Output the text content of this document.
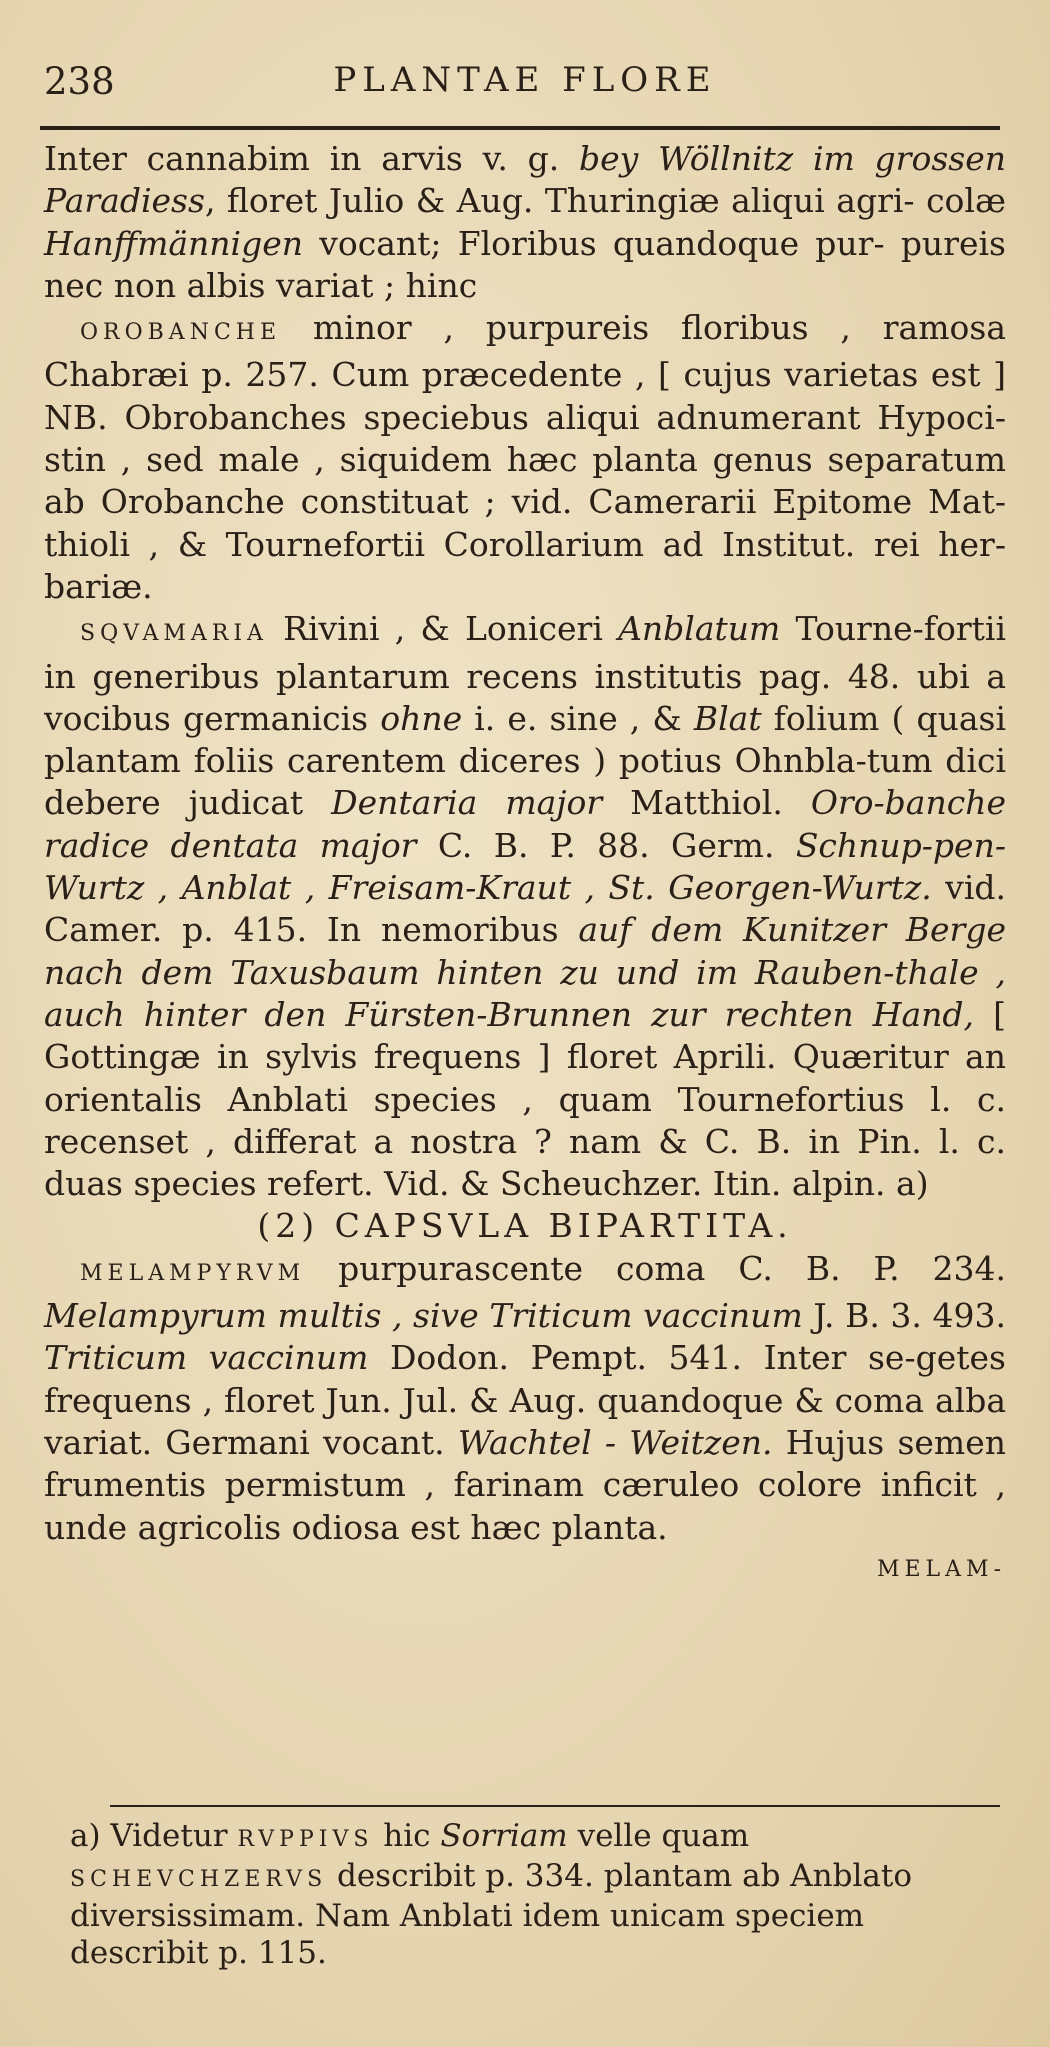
238	PLANTAE FLORE

Inter cannabim in arvis v. g. bey Wöllnitz im grossen Paradiess, floret Julio & Aug. Thuringiæ aliqui agri- colæ Hanffmännigen vocant; Floribus quandoque pur- pureis nec non albis variat ; hinc

OROBANCHE minor , purpureis floribus , ramosa Chabræi p. 257. Cum præcedente , [ cujus varietas est ] NB. Obrobanches speciebus aliqui adnumerant Hypoci-stin , sed male , siquidem hæc planta genus separatum ab Orobanche constituat ; vid. Camerarii Epitome Mat-thioli , & Tournefortii Corollarium ad Institut. rei her-bariæ.

SQVAMARIA Rivini , & Loniceri Anblatum Tourne-fortii in generibus plantarum recens institutis pag. 48. ubi a vocibus germanicis ohne i. e. sine , & Blat folium ( quasi plantam foliis carentem diceres ) potius Ohnbla-tum dici debere judicat Dentaria major Matthiol. Oro-banche radice dentata major C. B. P. 88. Germ. Schnup-pen-Wurtz , Anblat , Freisam-Kraut , St. Georgen-Wurtz. vid. Camer. p. 415. In nemoribus auf dem Kunitzer Berge nach dem Taxusbaum hinten zu und im Rauben-thale , auch hinter den Fürsten-Brunnen zur rechten Hand, [ Gottingæ in sylvis frequens ] floret Aprili. Quæritur an orientalis Anblati species , quam Tournefortius l. c. recenset , differat a nostra ? nam & C. B. in Pin. l. c. duas species refert. Vid. & Scheuchzer. Itin. alpin. a)

(2) CAPSVLA BIPARTITA.

MELAMPYRVM purpurascente coma C. B. P. 234. Melampyrum multis , sive Triticum vaccinum J. B. 3. 493. Triticum vaccinum Dodon. Pempt. 541. Inter se-getes frequens , floret Jun. Jul. & Aug. quandoque & coma alba variat. Germani vocant. Wachtel - Weitzen. Hujus semen frumentis permistum , farinam cæruleo colore inficit , unde agricolis odiosa est hæc planta.

MELAM-

a) Videtur RVPPIVS hic Sorriam velle quam SCHEVCHZERVS describit p. 334. plantam ab Anblato diversissimam. Nam Anblati idem unicam speciem describit p. 115.
